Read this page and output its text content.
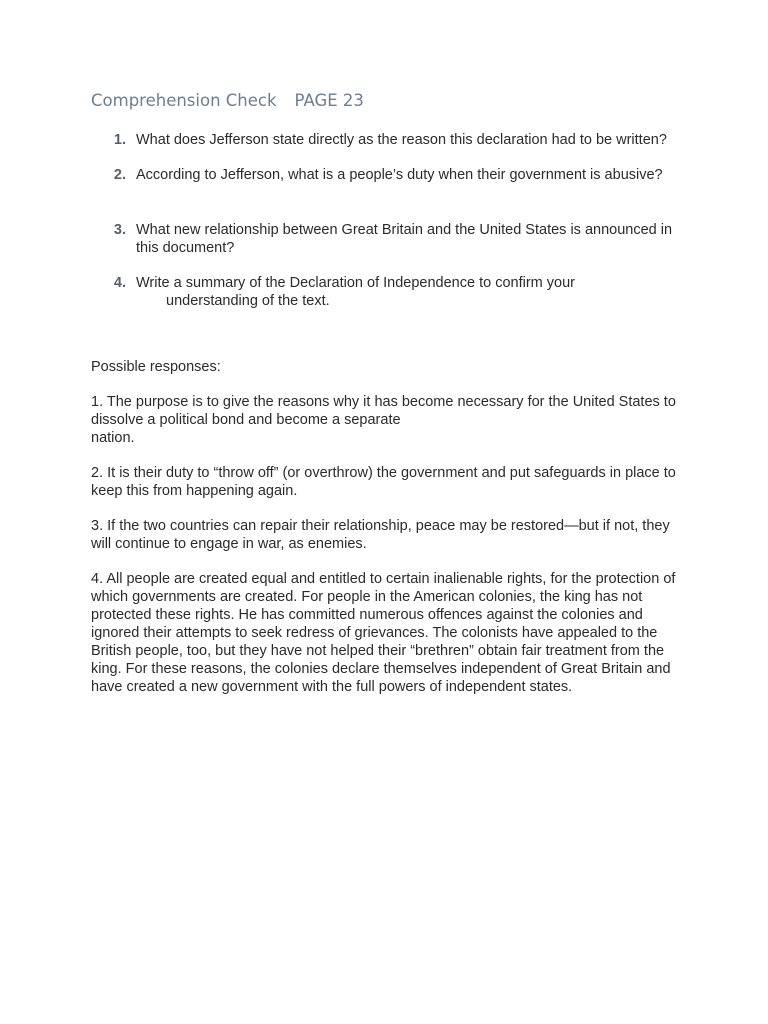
Comprehension Check PAGE 23
1. What does Jefferson state directly as the reason this declaration had to be written?
2. According to Jefferson, what is a people’s duty when their government is abusive?
3. What new relationship between Great Britain and the United States is announced in this document?
4. Write a summary of the Declaration of Independence to confirm your
understanding of the text.

Possible responses:

1. The purpose is to give the reasons why it has become necessary for the United States to dissolve a political bond and become a separate
nation.

2. It is their duty to “throw off” (or overthrow) the government and put safeguards in place to keep this from happening again.

3. If the two countries can repair their relationship, peace may be restored—but if not, they will continue to engage in war, as enemies.

4. All people are created equal and entitled to certain inalienable rights, for the protection of which governments are created. For people in the American colonies, the king has not protected these rights. He has committed numerous offences against the colonies and ignored their attempts to seek redress of grievances. The colonists have appealed to the British people, too, but they have not helped their “brethren” obtain fair treatment from the king. For these reasons, the colonies declare themselves independent of Great Britain and have created a new government with the full powers of independent states.
